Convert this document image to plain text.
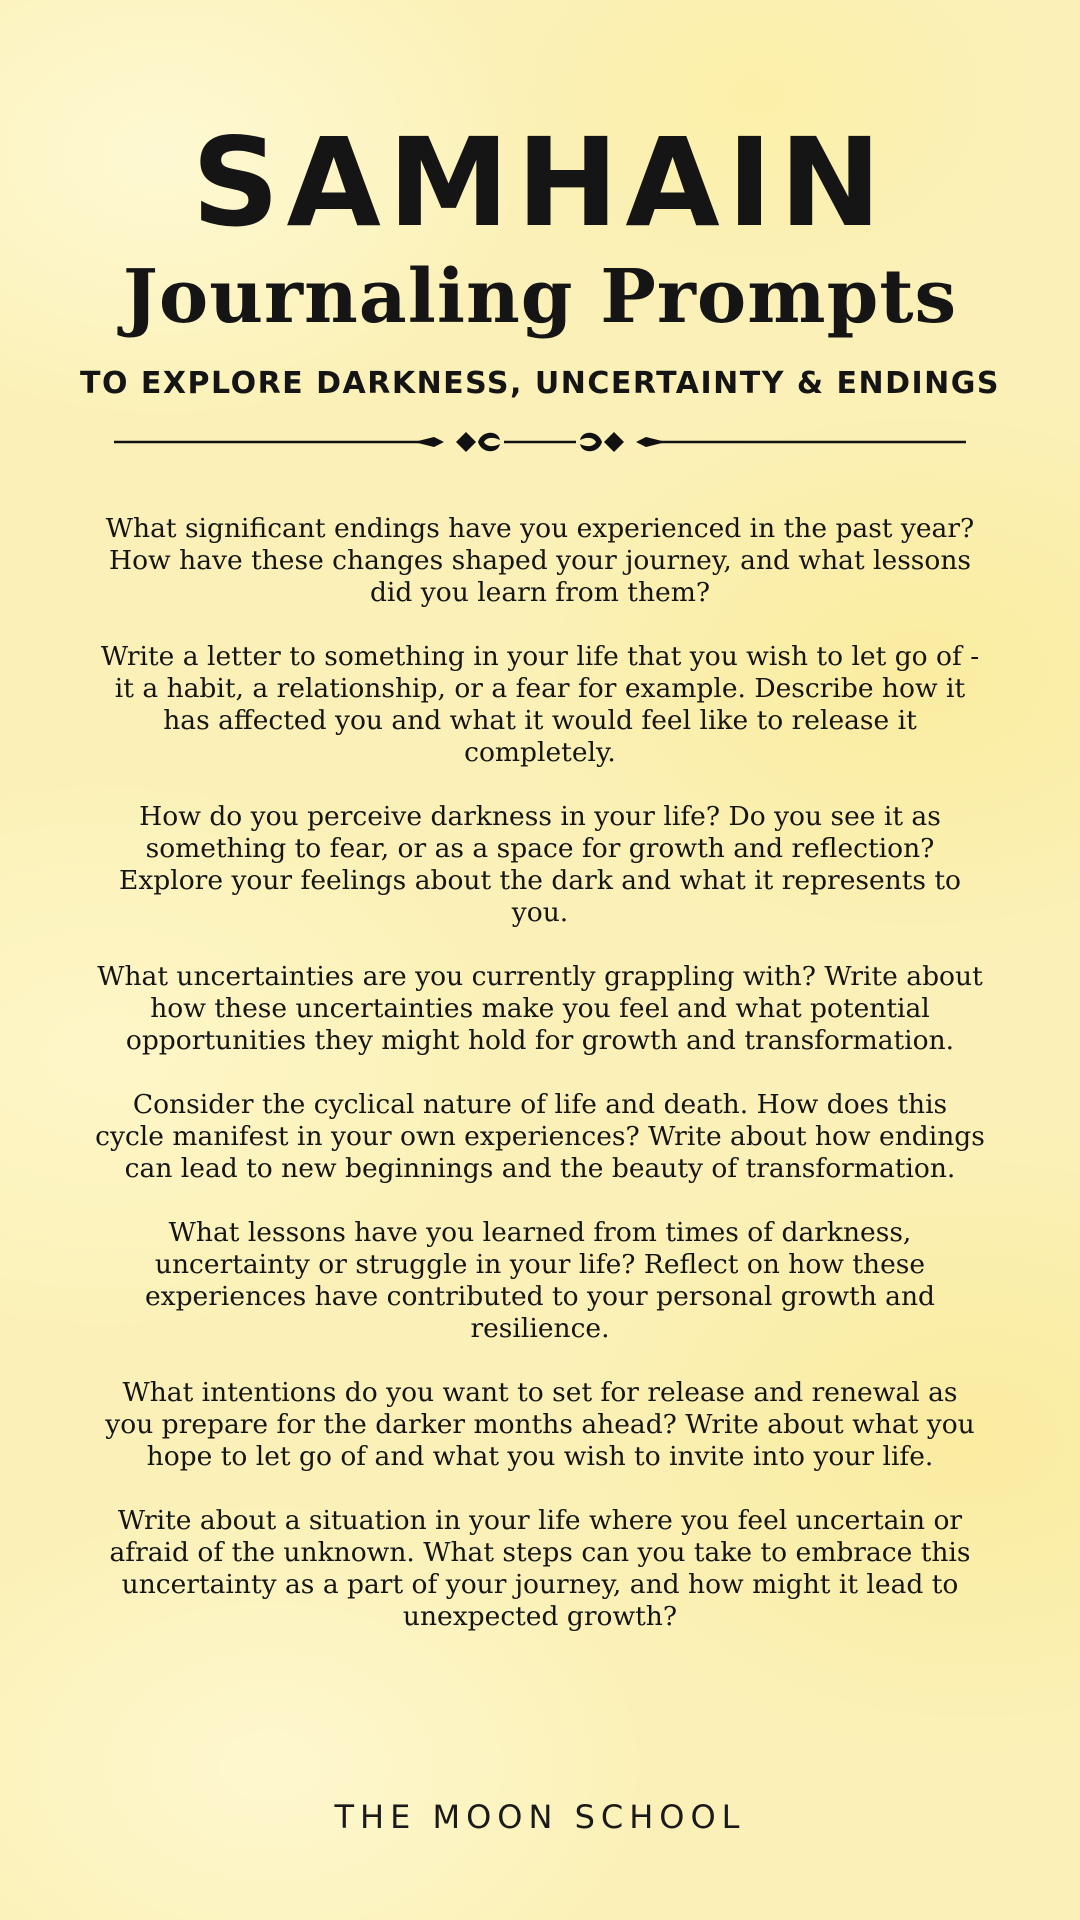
SAMHAIN
Journaling Prompts
TO EXPLORE DARKNESS, UNCERTAINTY & ENDINGS
What significant endings have you experienced in the past year? How have these changes shaped your journey, and what lessons did you learn from them?
Write a letter to something in your life that you wish to let go of - it a habit, a relationship, or a fear for example. Describe how it has affected you and what it would feel like to release it completely.
How do you perceive darkness in your life? Do you see it as something to fear, or as a space for growth and reflection? Explore your feelings about the dark and what it represents to you.
What uncertainties are you currently grappling with? Write about how these uncertainties make you feel and what potential opportunities they might hold for growth and transformation.
Consider the cyclical nature of life and death. How does this cycle manifest in your own experiences? Write about how endings can lead to new beginnings and the beauty of transformation.
What lessons have you learned from times of darkness, uncertainty or struggle in your life? Reflect on how these experiences have contributed to your personal growth and resilience.
What intentions do you want to set for release and renewal as you prepare for the darker months ahead? Write about what you hope to let go of and what you wish to invite into your life.
Write about a situation in your life where you feel uncertain or afraid of the unknown. What steps can you take to embrace this uncertainty as a part of your journey, and how might it lead to unexpected growth?

THE MOON SCHOOL
